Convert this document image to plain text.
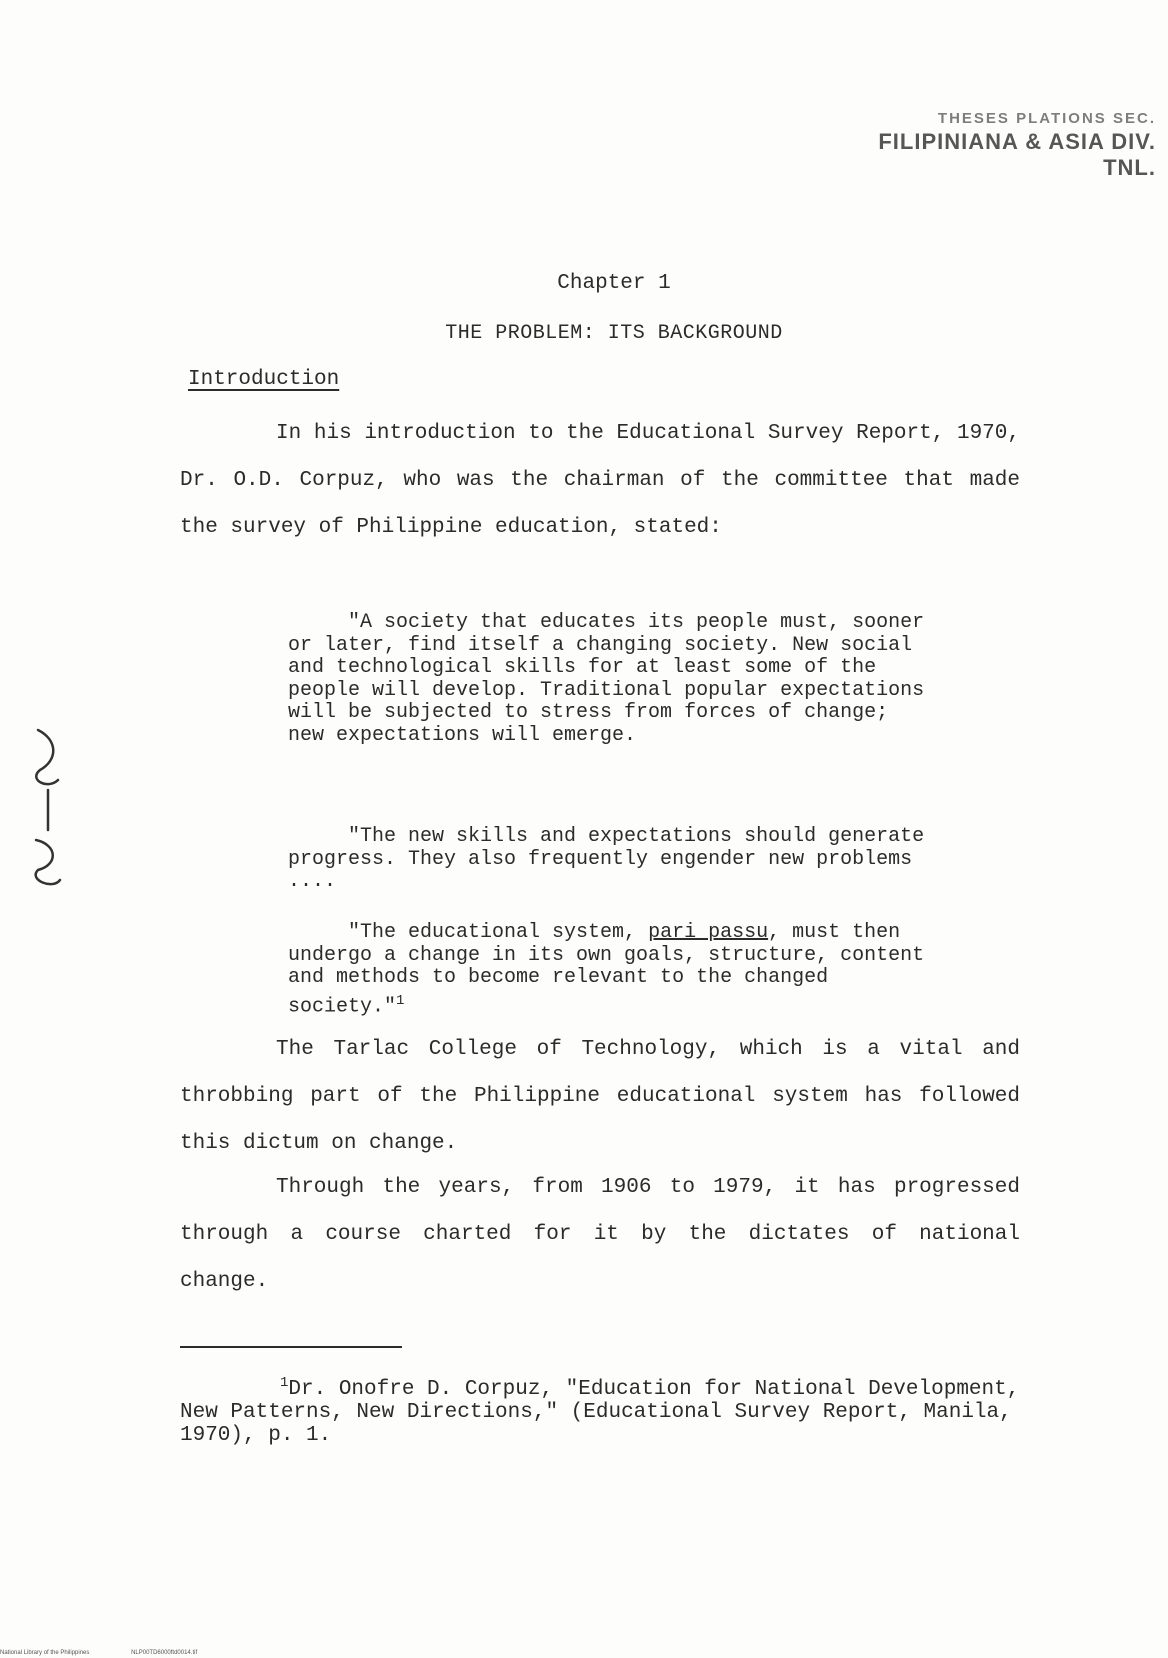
THESES PLATIONS SEC.
FILIPINIANA & ASIA DIV. TNL.
Chapter 1
THE PROBLEM: ITS BACKGROUND
Introduction

In his introduction to the Educational Survey Report, 1970, Dr. O.D. Corpuz, who was the chairman of the committee that made the survey of Philippine education, stated:

"A society that educates its people must, sooner or later, find itself a changing society. New social and technological skills for at least some of the people will develop. Traditional popular expectations will be subjected to stress from forces of change; new expectations will emerge.

"The new skills and expectations should generate progress. They also frequently engender new problems ....

"The educational system, pari passu, must then undergo a change in its own goals, structure, content and methods to become relevant to the changed society."$^1$

The Tarlac College of Technology, which is a vital and throbbing part of the Philippine educational system has followed this dictum on change.

Through the years, from 1906 to 1979, it has progressed through a course charted for it by the dictates of national change.

$^1$Dr. Onofre D. Corpuz, "Education for National Development, New Patterns, New Directions," (Educational Survey Report, Manila, 1970), p. 1.

National Library of the Philippines	NLP00TD6000ftd0014.tif
